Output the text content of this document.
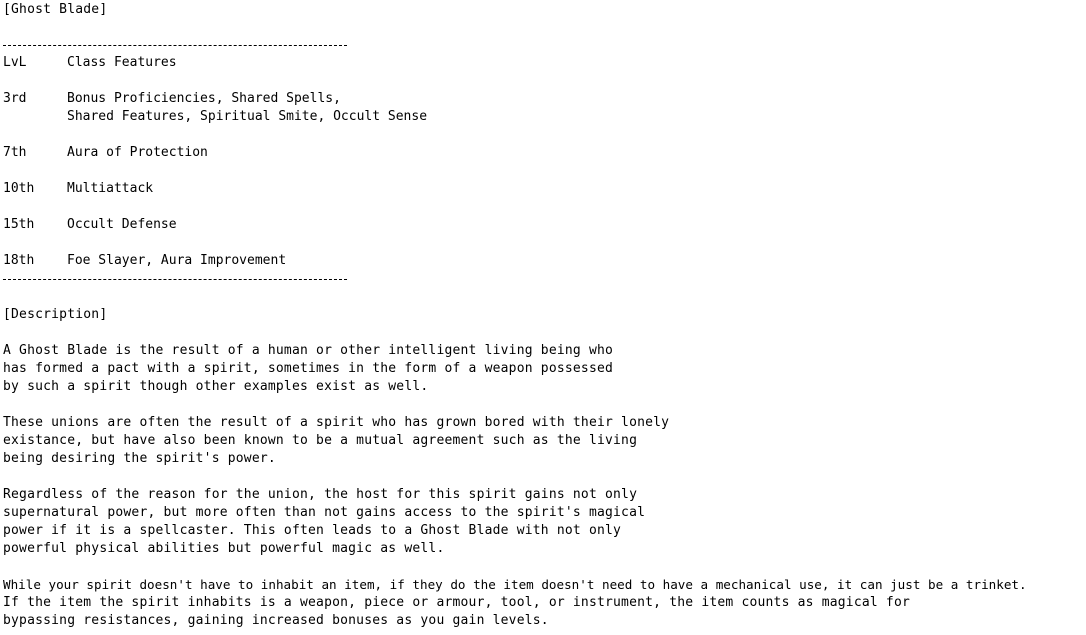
[Ghost Blade]
LvL	Class Features
3rd	Bonus Proficiencies, Shared Spells,
Shared Features, Spiritual Smite, Occult Sense
7th	Aura of Protection
10th	Multiattack
15th	Occult Defense
18th	Foe Slayer, Aura Improvement
[Description]
A Ghost Blade is the result of a human or other intelligent living being who
has formed a pact with a spirit, sometimes in the form of a weapon possessed
by such a spirit though other examples exist as well.
These unions are often the result of a spirit who has grown bored with their lonely
existance, but have also been known to be a mutual agreement such as the living
being desiring the spirit's power.
Regardless of the reason for the union, the host for this spirit gains not only
supernatural power, but more often than not gains access to the spirit's magical
power if it is a spellcaster. This often leads to a Ghost Blade with not only
powerful physical abilities but powerful magic as well.
While your spirit doesn't have to inhabit an item, if they do the item doesn't need to have a mechanical use, it can just be a trinket.
If the item the spirit inhabits is a weapon, piece or armour, tool, or instrument, the item counts as magical for
bypassing resistances, gaining increased bonuses as you gain levels.
